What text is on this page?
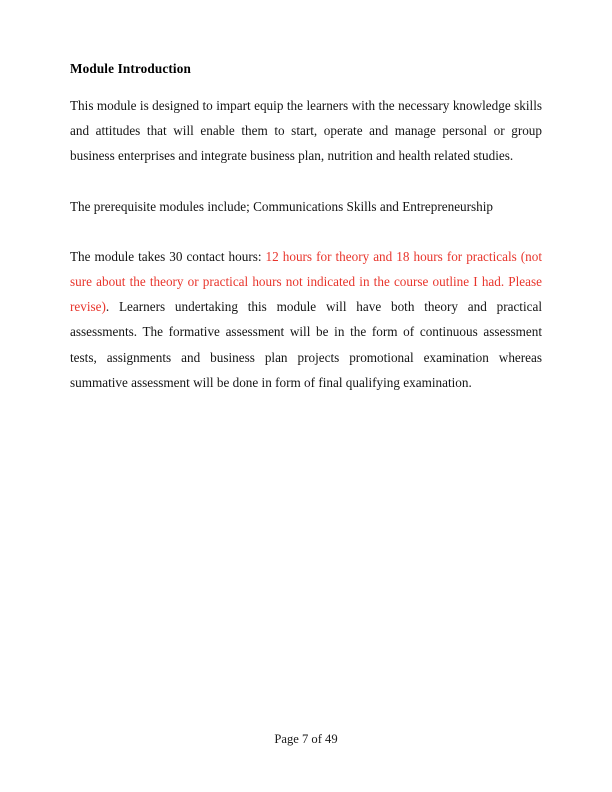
Module Introduction

This module is designed to impart equip the learners with the necessary knowledge skills and attitudes that will enable them to start, operate and manage personal or group business enterprises and integrate business plan, nutrition and health related studies.

The prerequisite modules include; Communications Skills and Entrepreneurship

The module takes 30 contact hours: 12 hours for theory and 18 hours for practicals (not sure about the theory or practical hours not indicated in the course outline I had. Please revise). Learners undertaking this module will have both theory and practical assessments. The formative assessment will be in the form of continuous assessment tests, assignments and business plan projects promotional examination whereas summative assessment will be done in form of final qualifying examination.

Page 7 of 49
